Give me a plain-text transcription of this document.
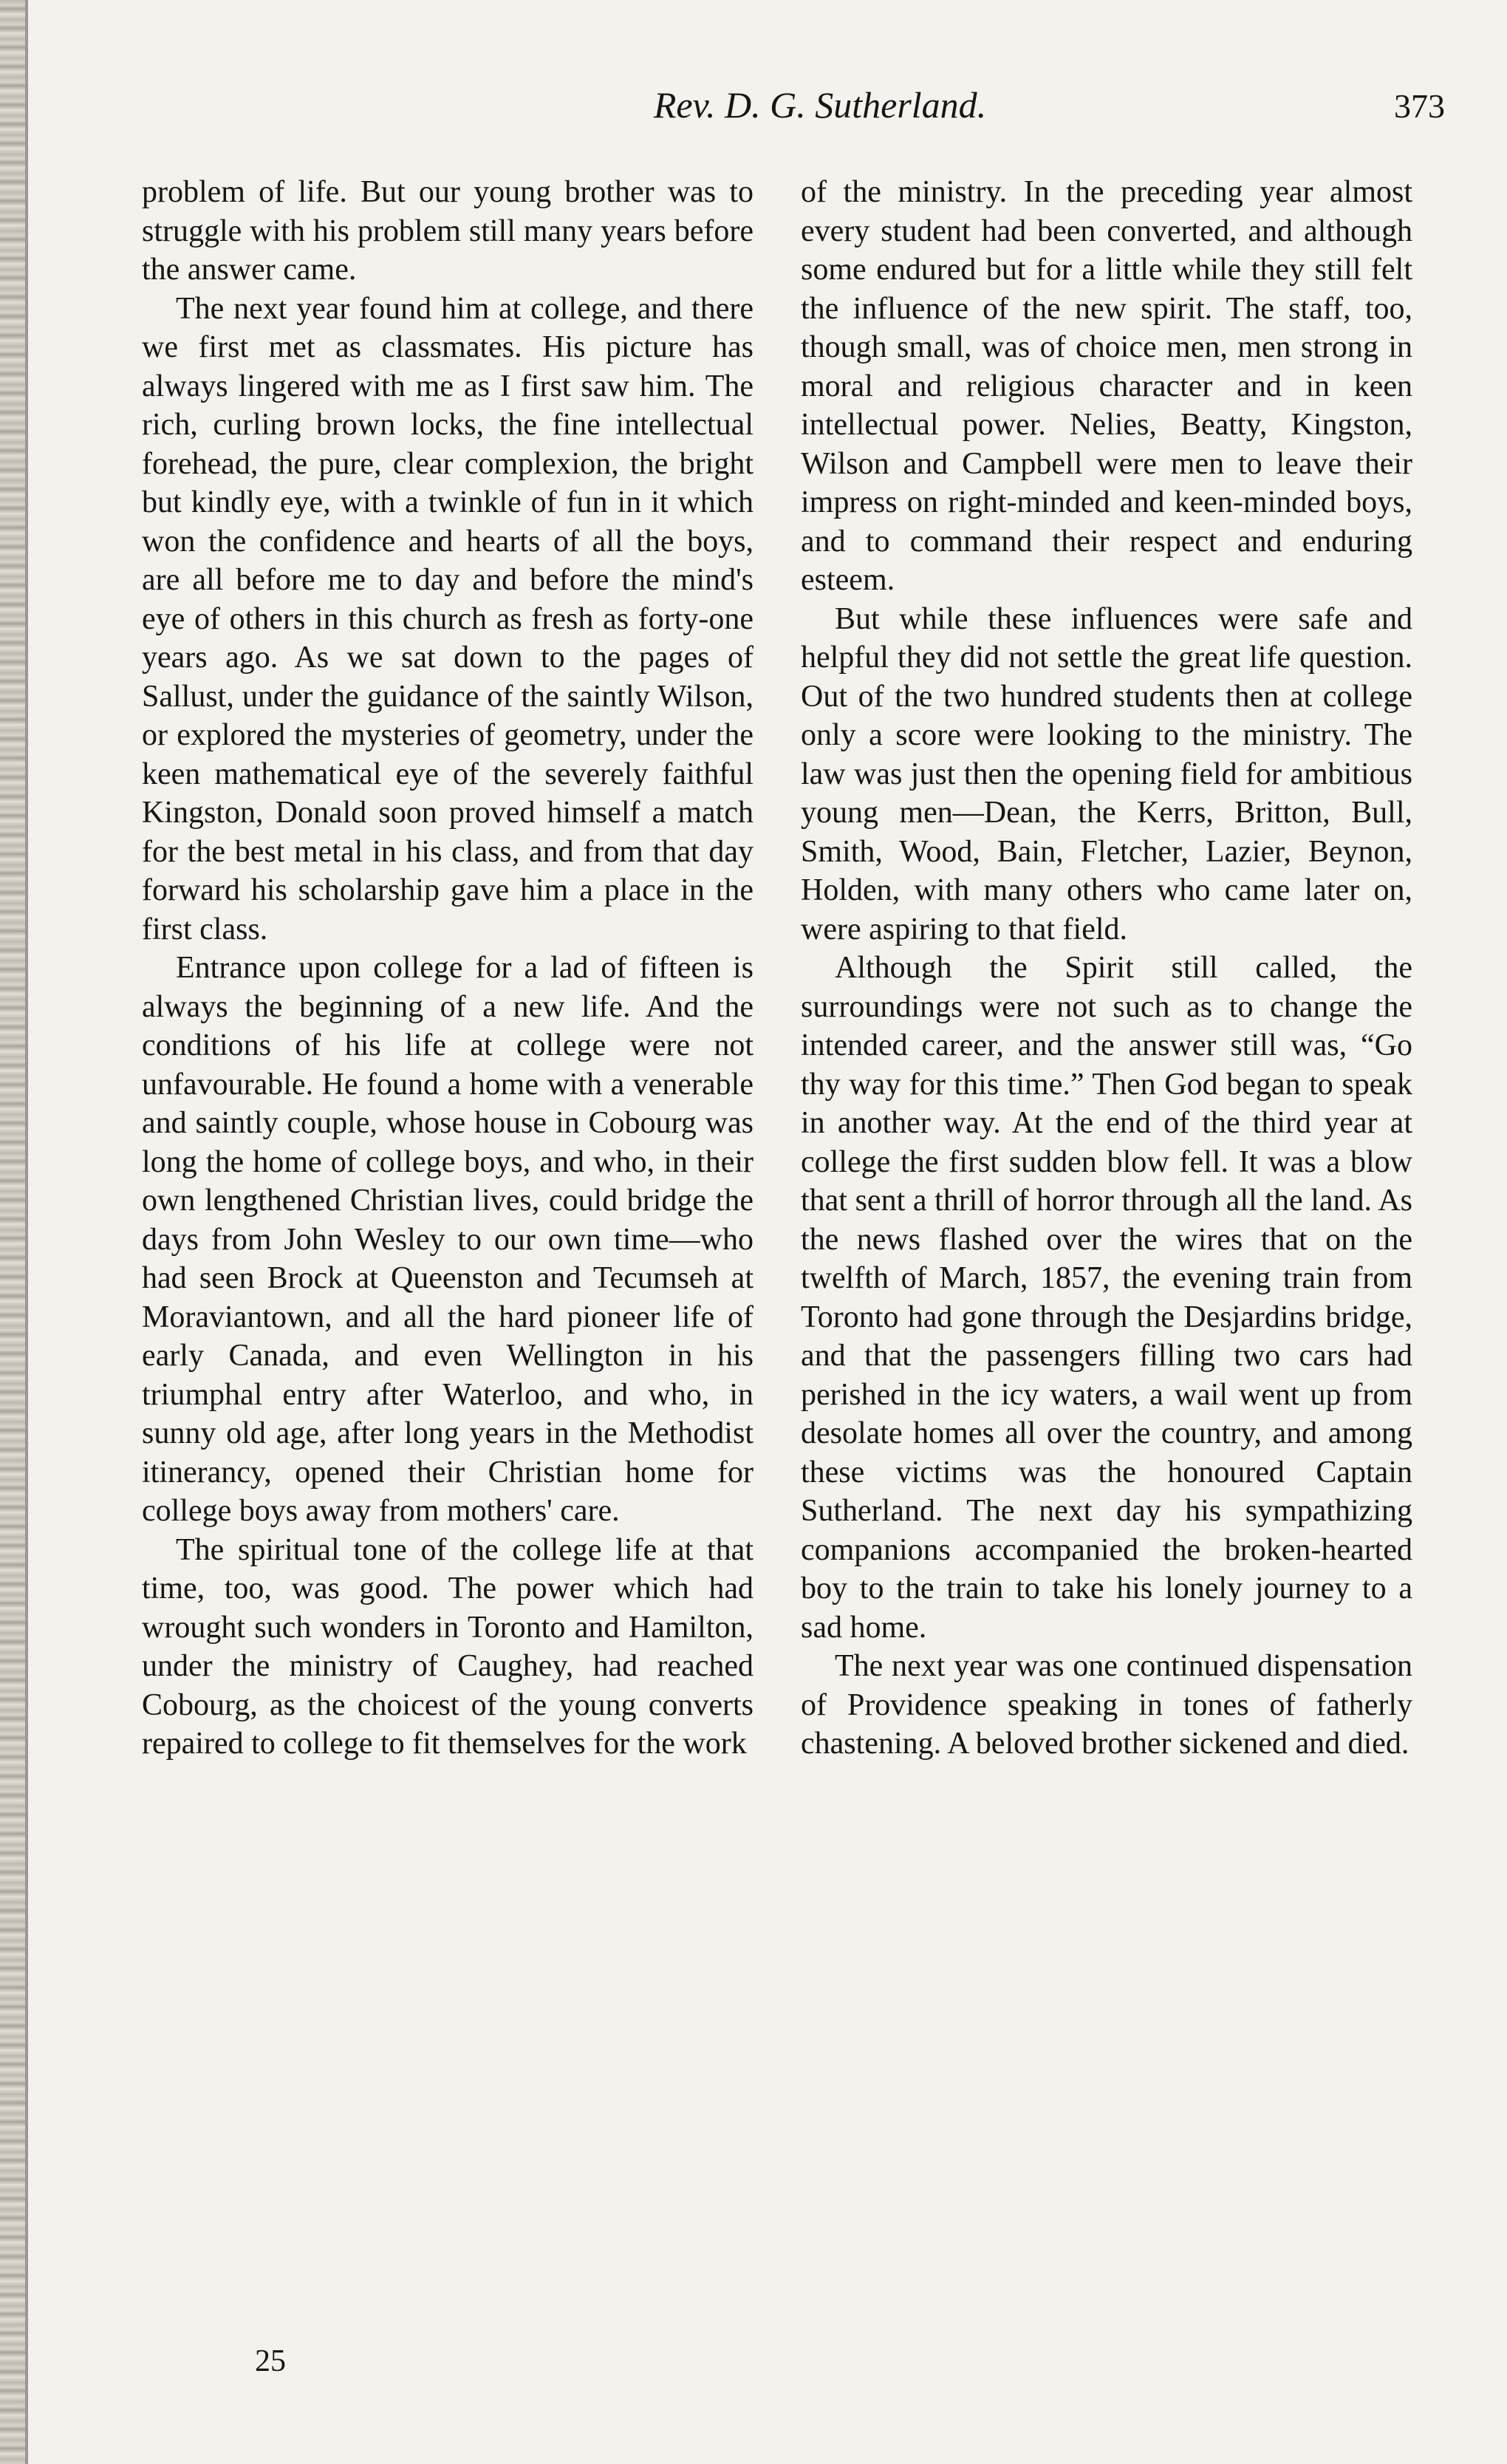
Rev. D. G. Sutherland.	373

problem of life. But our young brother was to struggle with his problem still many years before the answer came.

The next year found him at college, and there we first met as classmates. His picture has always lingered with me as I first saw him. The rich, curling brown locks, the fine intellectual forehead, the pure, clear complexion, the bright but kindly eye, with a twinkle of fun in it which won the confidence and hearts of all the boys, are all before me to day and before the mind's eye of others in this church as fresh as forty-one years ago. As we sat down to the pages of Sallust, under the guidance of the saintly Wilson, or explored the mysteries of geometry, under the keen mathematical eye of the severely faithful Kingston, Donald soon proved himself a match for the best metal in his class, and from that day forward his scholarship gave him a place in the first class.

Entrance upon college for a lad of fifteen is always the beginning of a new life. And the conditions of his life at college were not unfavourable. He found a home with a venerable and saintly couple, whose house in Cobourg was long the home of college boys, and who, in their own lengthened Christian lives, could bridge the days from John Wesley to our own time—who had seen Brock at Queenston and Tecumseh at Moraviantown, and all the hard pioneer life of early Canada, and even Wellington in his triumphal entry after Waterloo, and who, in sunny old age, after long years in the Methodist itinerancy, opened their Christian home for college boys away from mothers' care.

The spiritual tone of the college life at that time, too, was good. The power which had wrought such wonders in Toronto and Hamilton, under the ministry of Caughey, had reached Cobourg, as the choicest of the young converts repaired to college to fit themselves for the work

of the ministry. In the preceding year almost every student had been converted, and although some endured but for a little while they still felt the influence of the new spirit. The staff, too, though small, was of choice men, men strong in moral and religious character and in keen intellectual power. Nelies, Beatty, Kingston, Wilson and Campbell were men to leave their impress on right-minded and keen-minded boys, and to command their respect and enduring esteem.

But while these influences were safe and helpful they did not settle the great life question. Out of the two hundred students then at college only a score were looking to the ministry. The law was just then the opening field for ambitious young men—Dean, the Kerrs, Britton, Bull, Smith, Wood, Bain, Fletcher, Lazier, Beynon, Holden, with many others who came later on, were aspiring to that field.

Although the Spirit still called, the surroundings were not such as to change the intended career, and the answer still was, “Go thy way for this time.” Then God began to speak in another way. At the end of the third year at college the first sudden blow fell. It was a blow that sent a thrill of horror through all the land. As the news flashed over the wires that on the twelfth of March, 1857, the evening train from Toronto had gone through the Desjardins bridge, and that the passengers filling two cars had perished in the icy waters, a wail went up from desolate homes all over the country, and among these victims was the honoured Captain Sutherland. The next day his sympathizing companions accompanied the broken-hearted boy to the train to take his lonely journey to a sad home.

The next year was one continued dispensation of Providence speaking in tones of fatherly chastening. A beloved brother sickened and died.

25
